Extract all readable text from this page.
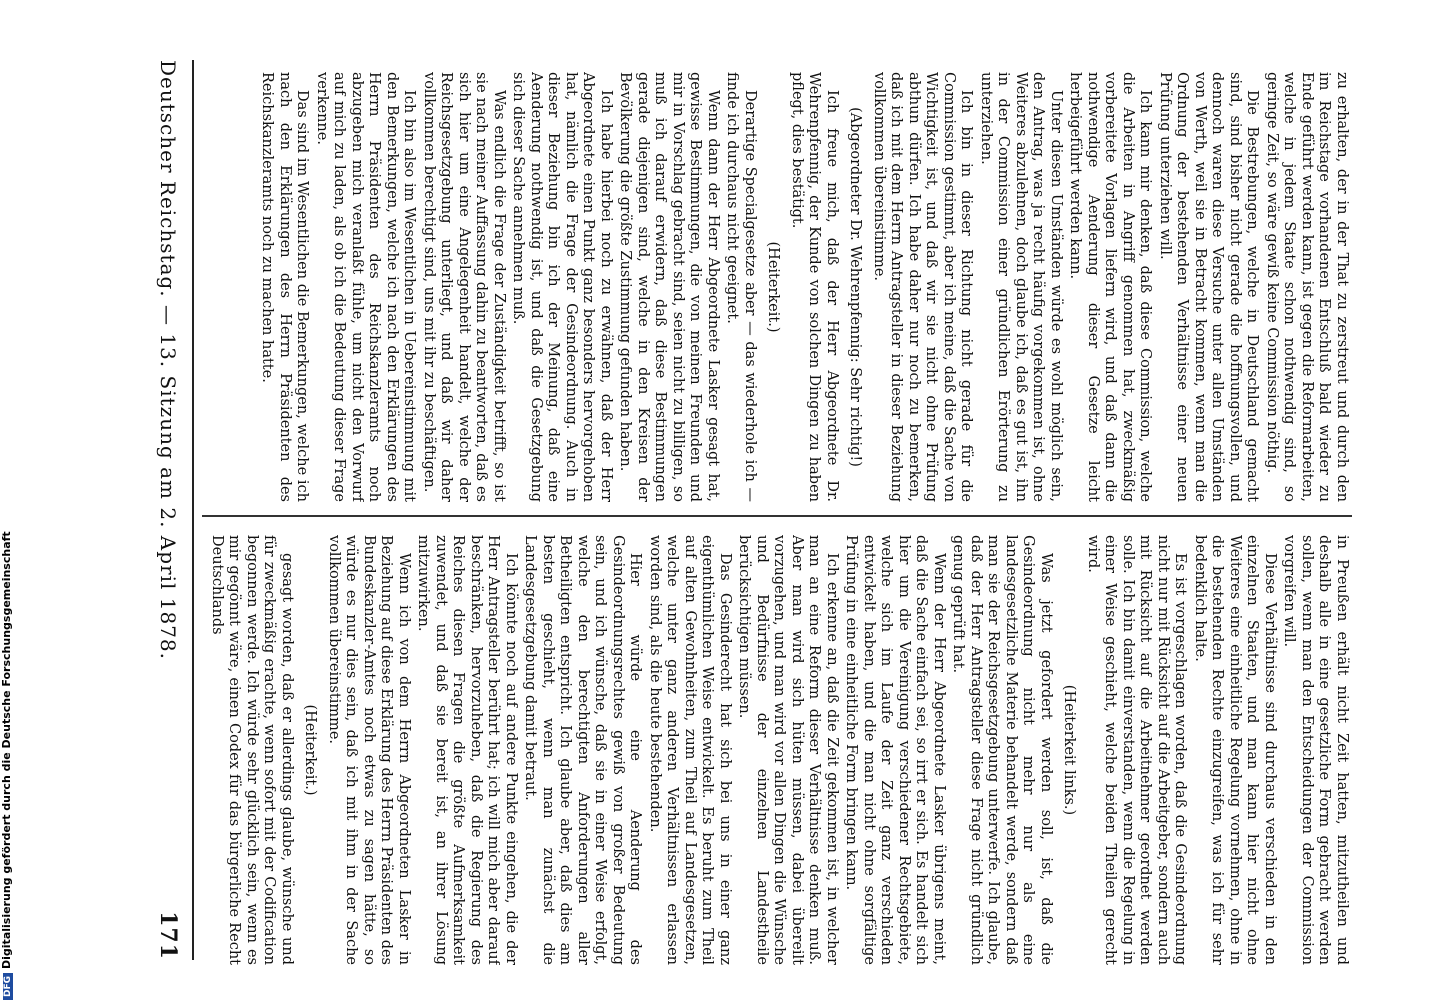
Deutscher Reichstag. — 13. Sitzung am 2. April 1878.
171

zu erhalten, der in der That zu zerstreut und durch den im Reichstage vorhandenen Entschluß bald wieder zu Ende geführt werden kann, ist gegen die Reformarbeiten, welche in jedem Staate schon nothwendig sind, so geringe Zeit, so wäre gewiß keine Commission nöthig.

Die Bestrebungen, welche in Deutschland gemacht sind, sind bisher nicht gerade die hoffnungsvollen, und dennoch waren diese Versuche unter allen Umständen von Werth, weil sie in Betracht kommen, wenn man die Ordnung der bestehenden Verhältnisse einer neuen Prüfung unterziehen will.

Ich kann mir denken, daß diese Commission, welche die Arbeiten in Angriff genommen hat, zweckmäßig vorbereitete Vorlagen liefern wird, und daß dann die nothwendige Aenderung dieser Gesetze leicht herbeigeführt werden kann.

Unter diesen Umständen würde es wohl möglich sein, den Antrag, was ja recht häufig vorgekommen ist, ohne Weiteres abzulehnen, doch glaube ich, daß es gut ist, ihn in der Commission einer gründlichen Erörterung zu unterziehen.

Ich bin in dieser Richtung nicht gerade für die Commission gestimmt, aber ich meine, daß die Sache von Wichtigkeit ist, und daß wir sie nicht ohne Prüfung abthun dürfen. Ich habe daher nur noch zu bemerken, daß ich mit dem Herrn Antragsteller in dieser Beziehung vollkommen übereinstimme.

(Abgeordneter Dr. Wehrenpfennig: Sehr richtig!)

Ich freue mich, daß der Herr Abgeordnete Dr. Wehrenpfennig, der Kunde von solchen Dingen zu haben pflegt, dies bestätigt.

(Heiterkeit.)

Derartige Specialgesetze aber — das wiederhole ich — finde ich durchaus nicht geeignet.

Wenn dann der Herr Abgeordnete Lasker gesagt hat, gewisse Bestimmungen, die von meinen Freunden und mir in Vorschlag gebracht sind, seien nicht zu billigen, so muß ich darauf erwidern, daß diese Bestimmungen gerade diejenigen sind, welche in den Kreisen der Bevölkerung die größte Zustimmung gefunden haben.

Ich habe hierbei noch zu erwähnen, daß der Herr Abgeordnete einen Punkt ganz besonders hervorgehoben hat, nämlich die Frage der Gesindeordnung. Auch in dieser Beziehung bin ich der Meinung, daß eine Aenderung nothwendig ist, und daß die Gesetzgebung sich dieser Sache annehmen muß.

Was endlich die Frage der Zuständigkeit betrifft, so ist sie nach meiner Auffassung dahin zu beantworten, daß es sich hier um eine Angelegenheit handelt, welche der Reichsgesetzgebung unterliegt, und daß wir daher vollkommen berechtigt sind, uns mit ihr zu beschäftigen.

Ich bin also im Wesentlichen in Uebereinstimmung mit den Bemerkungen, welche ich nach den Erklärungen des Herrn Präsidenten des Reichskanzleramts noch abzugeben mich veranlaßt fühle, um nicht den Vorwurf auf mich zu laden, als ob ich die Bedeutung dieser Frage verkenne.

Das sind im Wesentlichen die Bemerkungen, welche ich nach den Erklärungen des Herrn Präsidenten des Reichskanzleramts noch zu machen hatte.

in Preußen erhält nicht Zeit hatten, mitzutheilen und deshalb alle in eine gesetzliche Form gebracht werden sollen, wenn man den Entscheidungen der Commission vorgreifen will.

Diese Verhältnisse sind durchaus verschieden in den einzelnen Staaten, und man kann hier nicht ohne Weiteres eine einheitliche Regelung vornehmen, ohne in die bestehenden Rechte einzugreifen, was ich für sehr bedenklich halte.

Es ist vorgeschlagen worden, daß die Gesindeordnung nicht nur mit Rücksicht auf die Arbeitgeber, sondern auch mit Rücksicht auf die Arbeitnehmer geordnet werden solle. Ich bin damit einverstanden, wenn die Regelung in einer Weise geschieht, welche beiden Theilen gerecht wird.

(Heiterkeit links.)

Was jetzt gefordert werden soll, ist, daß die Gesindeordnung nicht mehr nur als eine landesgesetzliche Materie behandelt werde, sondern daß man sie der Reichsgesetzgebung unterwerfe. Ich glaube, daß der Herr Antragsteller diese Frage nicht gründlich genug geprüft hat.

Wenn der Herr Abgeordnete Lasker übrigens meint, daß die Sache einfach sei, so irrt er sich. Es handelt sich hier um die Vereinigung verschiedener Rechtsgebiete, welche sich im Laufe der Zeit ganz verschieden entwickelt haben, und die man nicht ohne sorgfältige Prüfung in eine einheitliche Form bringen kann.

Ich erkenne an, daß die Zeit gekommen ist, in welcher man an eine Reform dieser Verhältnisse denken muß. Aber man wird sich hüten müssen, dabei übereilt vorzugehen, und man wird vor allen Dingen die Wünsche und Bedürfnisse der einzelnen Landestheile berücksichtigen müssen.

Das Gesinderecht hat sich bei uns in einer ganz eigenthümlichen Weise entwickelt. Es beruht zum Theil auf alten Gewohnheiten, zum Theil auf Landesgesetzen, welche unter ganz anderen Verhältnissen erlassen worden sind, als die heute bestehenden.

Hier würde eine Aenderung des Gesindeordnungsrechtes gewiß von großer Bedeutung sein, und ich wünsche, daß sie in einer Weise erfolgt, welche den berechtigten Anforderungen aller Betheiligten entspricht. Ich glaube aber, daß dies am besten geschieht, wenn man zunächst die Landesgesetzgebung damit betraut.

Ich könnte noch auf andere Punkte eingehen, die der Herr Antragsteller berührt hat; ich will mich aber darauf beschränken, hervorzuheben, daß die Regierung des Reiches diesen Fragen die größte Aufmerksamkeit zuwendet, und daß sie bereit ist, an ihrer Lösung mitzuwirken.

Wenn ich von dem Herrn Abgeordneten Lasker in Beziehung auf diese Erklärung des Herrn Präsidenten des Bundeskanzler-Amtes noch etwas zu sagen hätte, so würde es nur dies sein, daß ich mit ihm in der Sache vollkommen übereinstimme.

(Heiterkeit.)

gesagt worden, daß er allerdings glaube, wünsche und für zweckmäßig erachte, wenn sofort mit der Codification begonnen werde. Ich würde sehr glücklich sein, wenn es mir gegönnt wäre, einen Codex für das bürgerliche Recht Deutschlands

DFGDigitalisierung gefördert durch die Deutsche Forschungsgemeinschaft
